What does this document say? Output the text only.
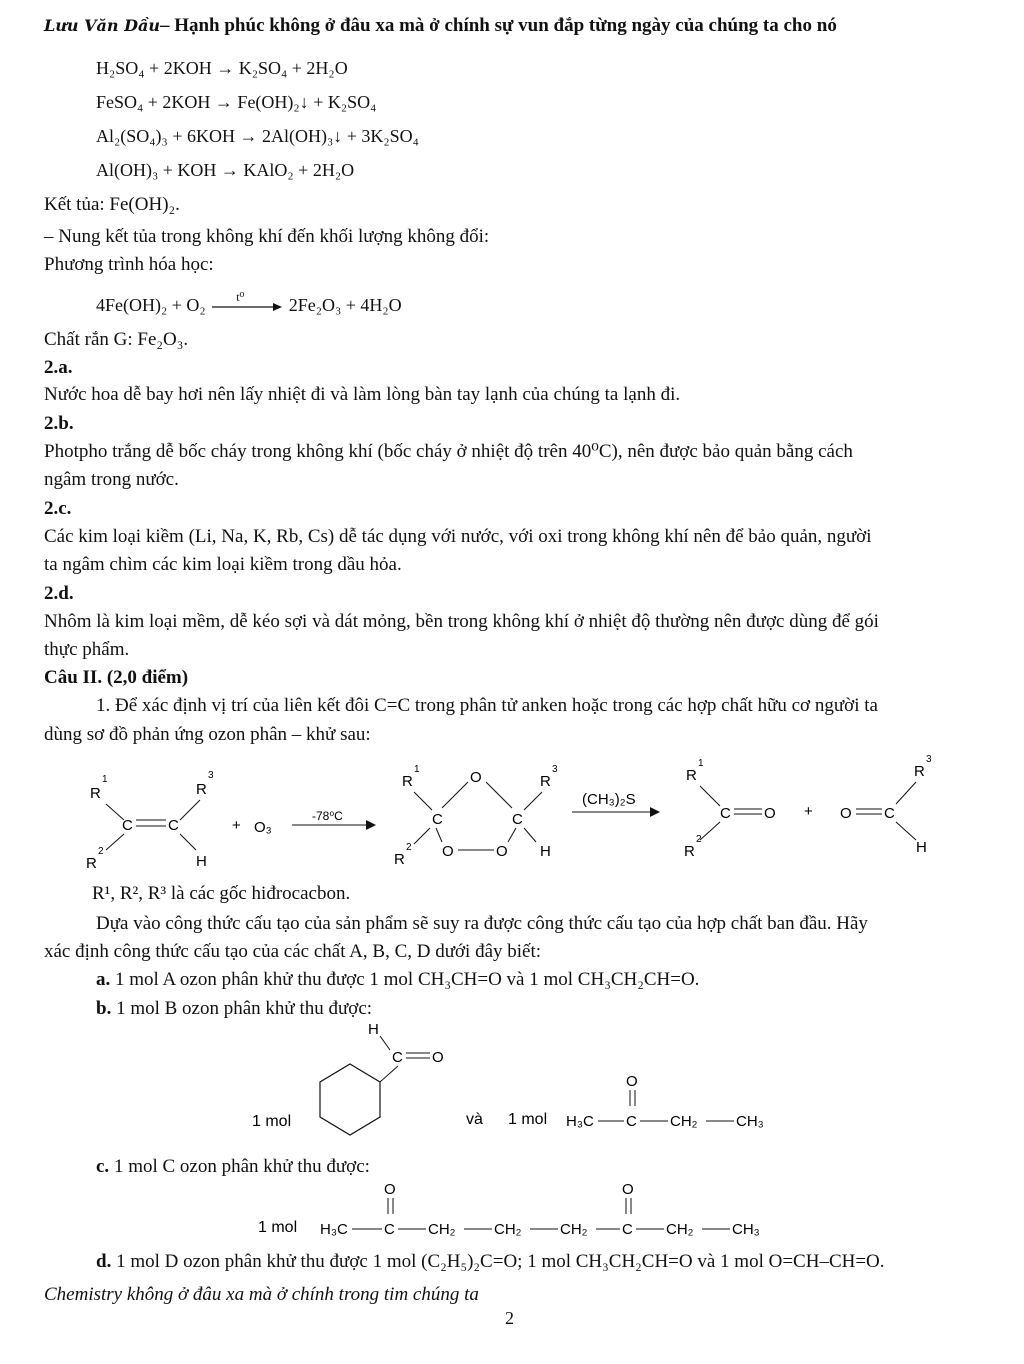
Lưu Văn Dầu– Hạnh phúc không ở đâu xa mà ở chính sự vun đắp từng ngày của chúng ta cho nó
H₂SO₄ + 2KOH → K₂SO₄ + 2H₂O
FeSO₄ + 2KOH → Fe(OH)₂↓ + K₂SO₄
Al₂(SO₄)₃ + 6KOH → 2Al(OH)₃↓ + 3K₂SO₄
Al(OH)₃ + KOH → KAlO₂ + 2H₂O
Kết tủa: Fe(OH)₂.
– Nung kết tủa trong không khí đến khối lượng không đổi:
Phương trình hóa học:
4Fe(OH)₂ + O₂	t⁰ 2Fe₂O₃ + 4H₂O
Chất rắn G: Fe₂O₃.
2.a.
Nước hoa dễ bay hơi nên lấy nhiệt đi và làm lòng bàn tay lạnh của chúng ta lạnh đi.
2.b.
Photpho trắng dễ bốc cháy trong không khí (bốc cháy ở nhiệt độ trên 40⁰C), nên được bảo quản bằng cách
ngâm trong nước.
2.c.
Các kim loại kiềm (Li, Na, K, Rb, Cs) dễ tác dụng với nước, với oxi trong không khí nên để bảo quản, người
ta ngâm chìm các kim loại kiềm trong dầu hỏa.
2.d.
Nhôm là kim loại mềm, dễ kéo sợi và dát mỏng, bền trong không khí ở nhiệt độ thường nên được dùng để gói
thực phẩm.
Câu II. (2,0 điểm)
1. Để xác định vị trí của liên kết đôi C=C trong phân tử anken hoặc trong các hợp chất hữu cơ người ta
dùng sơ đồ phản ứng ozon phân – khử sau:
R
1
R
3
C C
R
2
H
+ O₃
-78⁰C
R
1
C
O
C
R
3
O	O
R
2	H
(CH₃)₂S
R
1
C O
R
2
+ O C
R
3
H
R¹, R², R³ là các gốc hiđrocacbon.
Dựa vào công thức cấu tạo của sản phẩm sẽ suy ra được công thức cấu tạo của hợp chất ban đầu. Hãy
xác định công thức cấu tạo của các chất A, B, C, D dưới đây biết:
a. 1 mol A ozon phân khử thu được 1 mol CH₃CH=O và 1 mol CH₃CH₂CH=O.
b. 1 mol B ozon phân khử thu được:
1 mol
C O
H
và 1 mol H₃C C
O
CH₂	CH₃
c. 1 mol C ozon phân khử thu được:
1 mol H₃C C
O
CH₂	CH₂	CH₂ C
O
CH₂	CH₃
d. 1 mol D ozon phân khử thu được 1 mol (C₂H₅)₂C=O; 1 mol CH₃CH₂CH=O và 1 mol O=CH–CH=O.
Chemistry không ở đâu xa mà ở chính trong tim chúng ta
2
